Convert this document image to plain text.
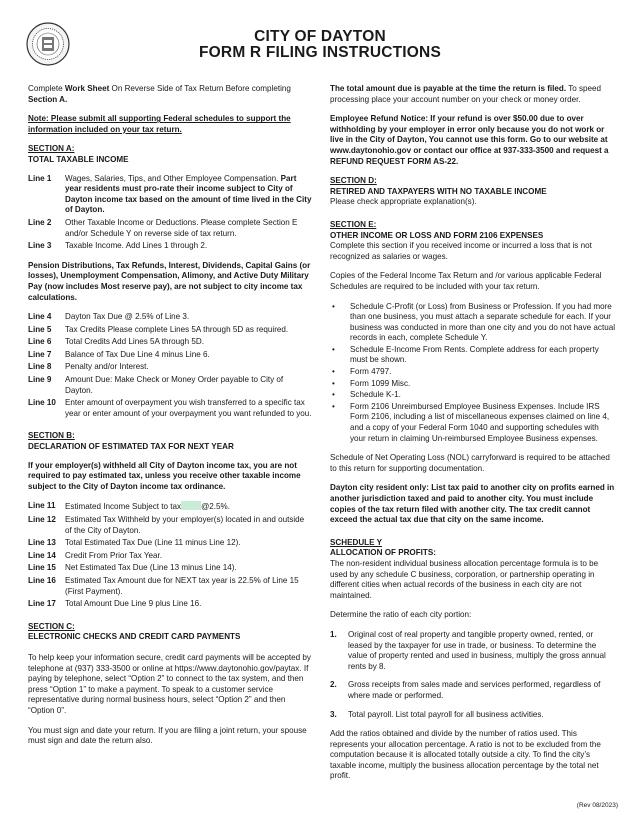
CITY OF DAYTON
FORM R FILING INSTRUCTIONS

Complete Work Sheet On Reverse Side of Tax Return Before completing Section A.

Note: Please submit all supporting Federal schedules to support the information included on your tax return.

SECTION A:

TOTAL TAXABLE INCOME

Line 1	Wages, Salaries, Tips, and Other Employee Compensation. Part year residents must pro-rate their income subject to City of Dayton income tax based on the amount of time lived in the City of Dayton.
Line 2	Other Taxable Income or Deductions. Please complete Section E and/or Schedule Y on reverse side of tax return.
Line 3	Taxable Income. Add Lines 1 through 2.

Pension Distributions, Tax Refunds, Interest, Dividends, Capital Gains (or losses), Unemployment Compensation, Alimony, and Active Duty Military Pay (now includes Most reserve pay), are not subject to city income tax calculations.

Line 4	Dayton Tax Due @ 2.5% of Line 3.
Line 5	Tax Credits Please complete Lines 5A through 5D as required.
Line 6	Total Credits Add Lines 5A through 5D.
Line 7	Balance of Tax Due Line 4 minus Line 6.
Line 8	Penalty and/or Interest.
Line 9	Amount Due: Make Check or Money Order payable to City of Dayton.
Line 10	Enter amount of overpayment you wish transferred to a specific tax year or enter amount of your overpayment you want refunded to you.
SECTION B:

DECLARATION OF ESTIMATED TAX FOR NEXT YEAR

If your employer(s) withheld all City of Dayton income tax, you are not required to pay estimated tax, unless you receive other taxable income subject to the City of Dayton income tax ordinance.

Line 11	Estimated Income Subject to tax @2.5%.
Line 12	Estimated Tax Withheld by your employer(s) located in and outside of the City of Dayton.
Line 13	Total Estimated Tax Due (Line 11 minus Line 12).
Line 14	Credit From Prior Tax Year.
Line 15	Net Estimated Tax Due (Line 13 minus Line 14).
Line 16	Estimated Tax Amount due for NEXT tax year is 22.5% of Line 15 (First Payment).
Line 17	Total Amount Due Line 9 plus Line 16.
SECTION C:

ELECTRONIC CHECKS AND CREDIT CARD PAYMENTS

To help keep your information secure, credit card payments will be accepted by telephone at (937) 333-3500 or online at https://www.daytonohio.gov/paytax. If paying by telephone, select “Option 2” to connect to the tax system, and then press “Option 1” to make a payment. To speak to a customer service representative during normal business hours, select “Option 2” and then “Option 0”.

You must sign and date your return. If you are filing a joint return, your spouse must sign and date the return also.

The total amount due is payable at the time the return is filed. To speed processing place your account number on your check or money order.

Employee Refund Notice: If your refund is over $50.00 due to over withholding by your employer in error only because you do not work or live in the City of Dayton, You cannot use this form. Go to our website at www.daytonohio.gov or contact our office at 937-333-3500 and request a REFUND REQUEST FORM AS-22.

SECTION D:

RETIRED AND TAXPAYERS WITH NO TAXABLE INCOME

Please check appropriate explanation(s).

SECTION E:

OTHER INCOME OR LOSS AND FORM 2106 EXPENSES

Complete this section if you received income or incurred a loss that is not recognized as salaries or wages.

Copies of the Federal Income Tax Return and /or various applicable Federal Schedules are required to be included with your tax return.

•	Schedule C-Profit (or Loss) from Business or Profession. If you had more than one business, you must attach a separate schedule for each. If your business was conducted in more than one city and you do not have actual records in each, complete Schedule Y.
•	Schedule E-Income From Rents. Complete address for each property must be shown.
•	Form 4797.
•	Form 1099 Misc.
•	Schedule K-1.
•	Form 2106 Unreimbursed Employee Business Expenses. Include IRS Form 2106, including a list of miscellaneous expenses claimed on line 4, and a copy of your Federal Form 1040 and supporting schedules with your return in claiming Un-reimbursed Employee Business expenses.

Schedule of Net Operating Loss (NOL) carryforward is required to be attached to this return for supporting documentation.

Dayton city resident only: List tax paid to another city on profits earned in another jurisdiction taxed and paid to another city. You must include copies of the tax return filed with another city. The tax credit cannot exceed the actual tax due that city on the same income.

SCHEDULE Y

ALLOCATION OF PROFITS:

The non-resident individual business allocation percentage formula is to be used by any schedule C business, corporation, or partnership operating in different cities when actual records of the business in each city are not maintained.

Determine the ratio of each city portion:

1.	Original cost of real property and tangible property owned, rented, or leased by the taxpayer for use in trade, or business. To determine the value of property rented and used in business, multiply the gross annual rents by 8.
2.	Gross receipts from sales made and services performed, regardless of where made or performed.
3.	Total payroll. List total payroll for all business activities.

Add the ratios obtained and divide by the number of ratios used. This represents your allocation percentage. A ratio is not to be excluded from the computation because it is allocated totally outside a city. To find the city’s taxable income, multiply the business allocation percentage by the total net profit.

(Rev 08/2023)
